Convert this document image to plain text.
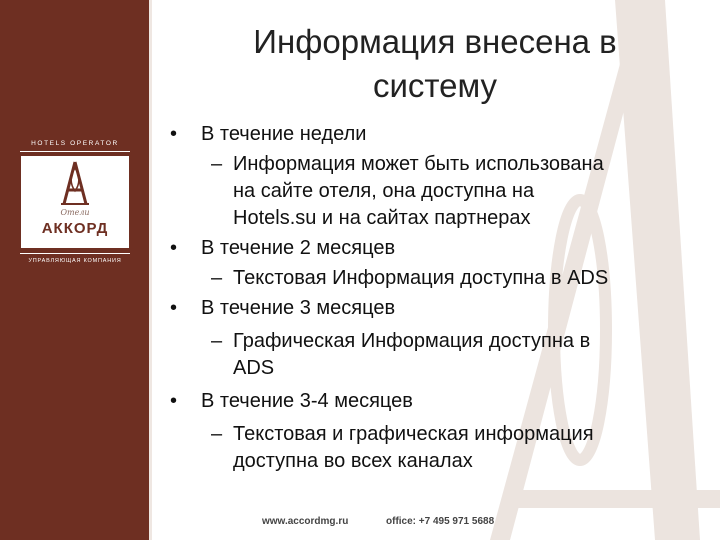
HOTELS OPERATOR
Отели
АККОРД
УПРАВЛЯЮЩАЯ КОМПАНИЯ
Информация внесена в
систему
• В течение недели
– Информация может быть использована
на сайте отеля, она доступна на
Hotels.su и на сайтах партнерах
• В течение 2 месяцев
– Текстовая Информация доступна в ADS
• В течение 3 месяцев
– Графическая Информация доступна в
ADS
• В течение 3-4 месяцев
– Текстовая и графическая информация
доступна во всех каналах
www.accordmg.ru	office: +7 495 971 5688
